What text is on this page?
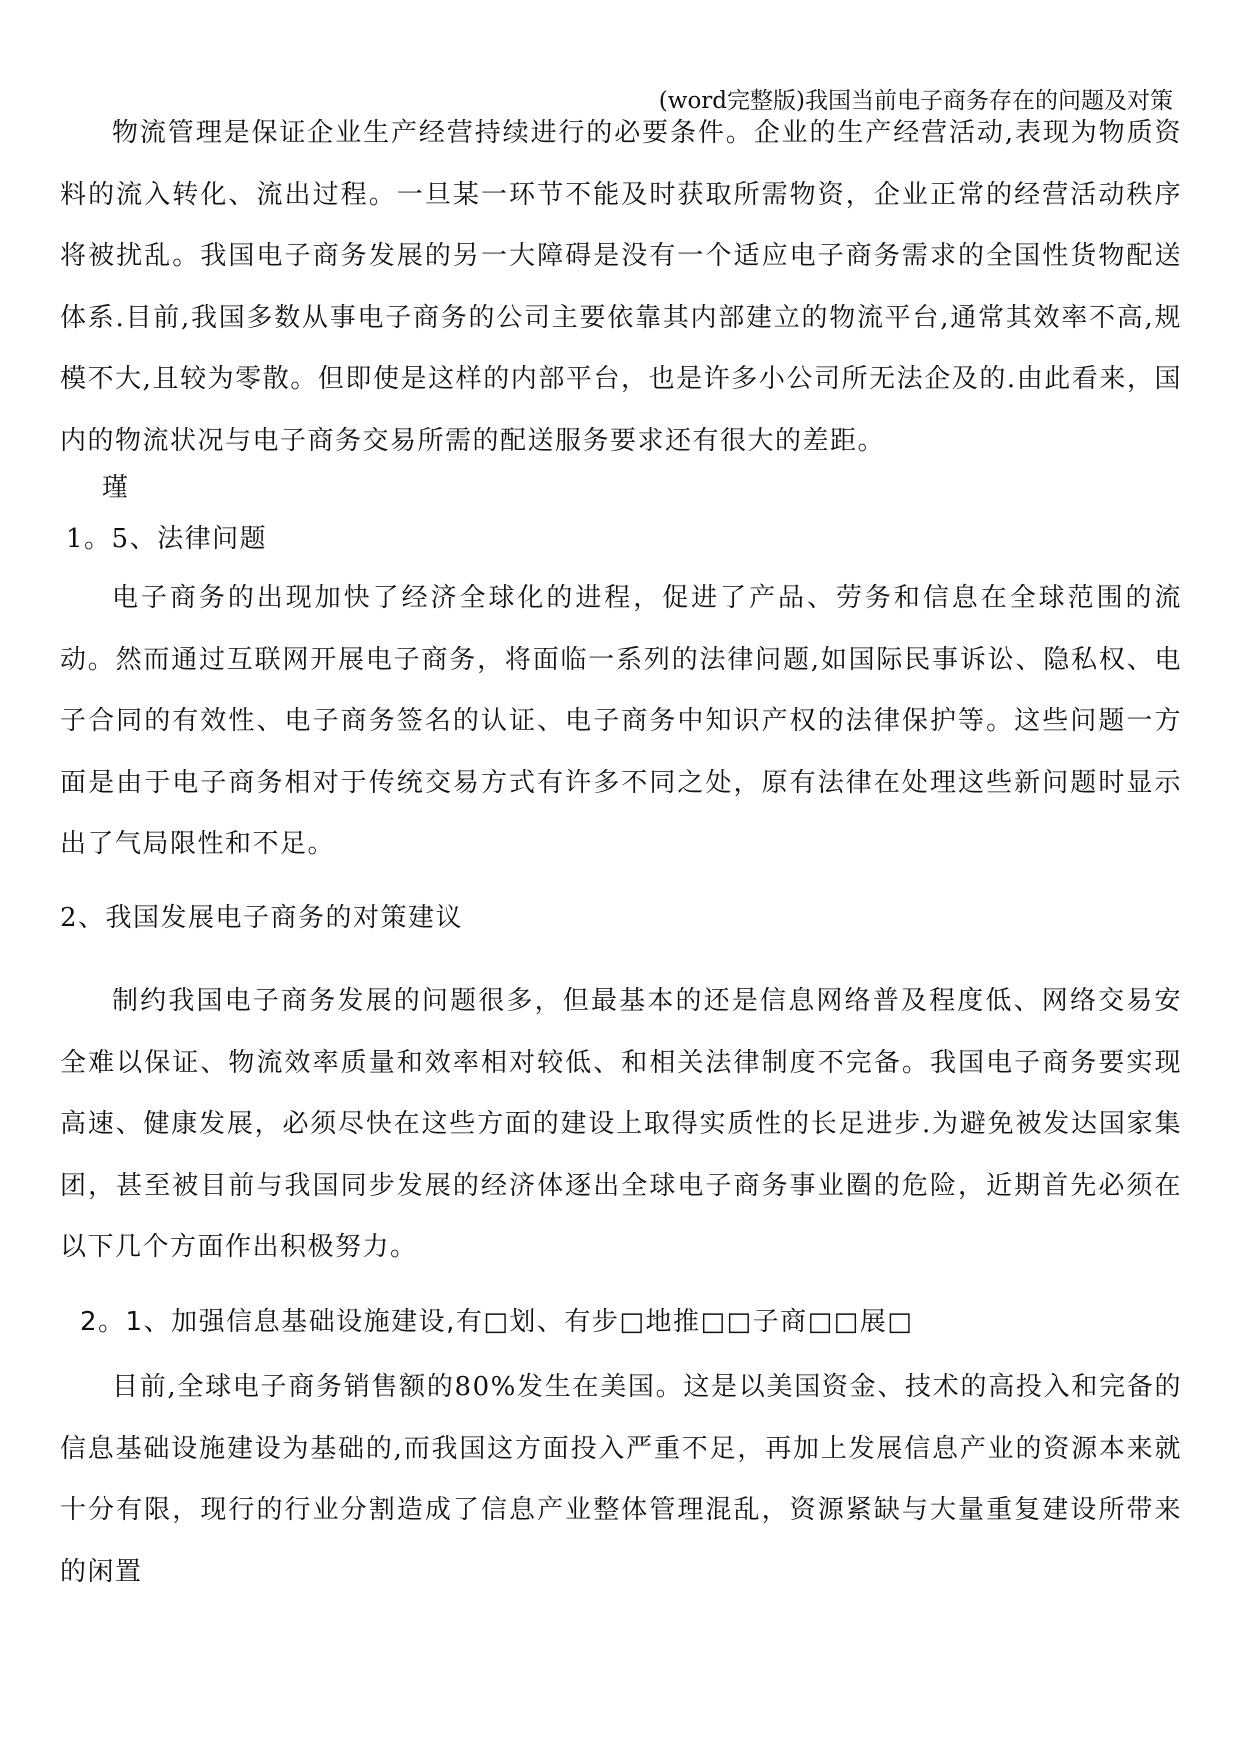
(word完整版)我国当前电子商务存在的问题及对策
物流管理是保证企业生产经营持续进行的必要条件。企业的生产经营活动,表现为物质资料的流入转化、流出过程。一旦某一环节不能及时获取所需物资，企业正常的经营活动秩序将被扰乱。我国电子商务发展的另一大障碍是没有一个适应电子商务需求的全国性货物配送体系.目前,我国多数从事电子商务的公司主要依靠其内部建立的物流平台,通常其效率不高,规模不大,且较为零散。但即使是这样的内部平台，也是许多小公司所无法企及的.由此看来，国内的物流状况与电子商务交易所需的配送服务要求还有很大的差距。
瑾
1。5、法律问题
电子商务的出现加快了经济全球化的进程，促进了产品、劳务和信息在全球范围的流动。然而通过互联网开展电子商务，将面临一系列的法律问题,如国际民事诉讼、隐私权、电子合同的有效性、电子商务签名的认证、电子商务中知识产权的法律保护等。这些问题一方面是由于电子商务相对于传统交易方式有许多不同之处，原有法律在处理这些新问题时显示出了气局限性和不足。
2、我国发展电子商务的对策建议
制约我国电子商务发展的问题很多，但最基本的还是信息网络普及程度低、网络交易安全难以保证、物流效率质量和效率相对较低、和相关法律制度不完备。我国电子商务要实现高速、健康发展，必须尽快在这些方面的建设上取得实质性的长足进步.为避免被发达国家集团，甚至被目前与我国同步发展的经济体逐出全球电子商务事业圈的危险，近期首先必须在以下几个方面作出积极努力。
2。1、加强信息基础设施建设,有□划、有步□地推□□子商□□展□
目前,全球电子商务销售额的80%发生在美国。这是以美国资金、技术的高投入和完备的信息基础设施建设为基础的,而我国这方面投入严重不足，再加上发展信息产业的资源本来就十分有限，现行的行业分割造成了信息产业整体管理混乱，资源紧缺与大量重复建设所带来的闲置
